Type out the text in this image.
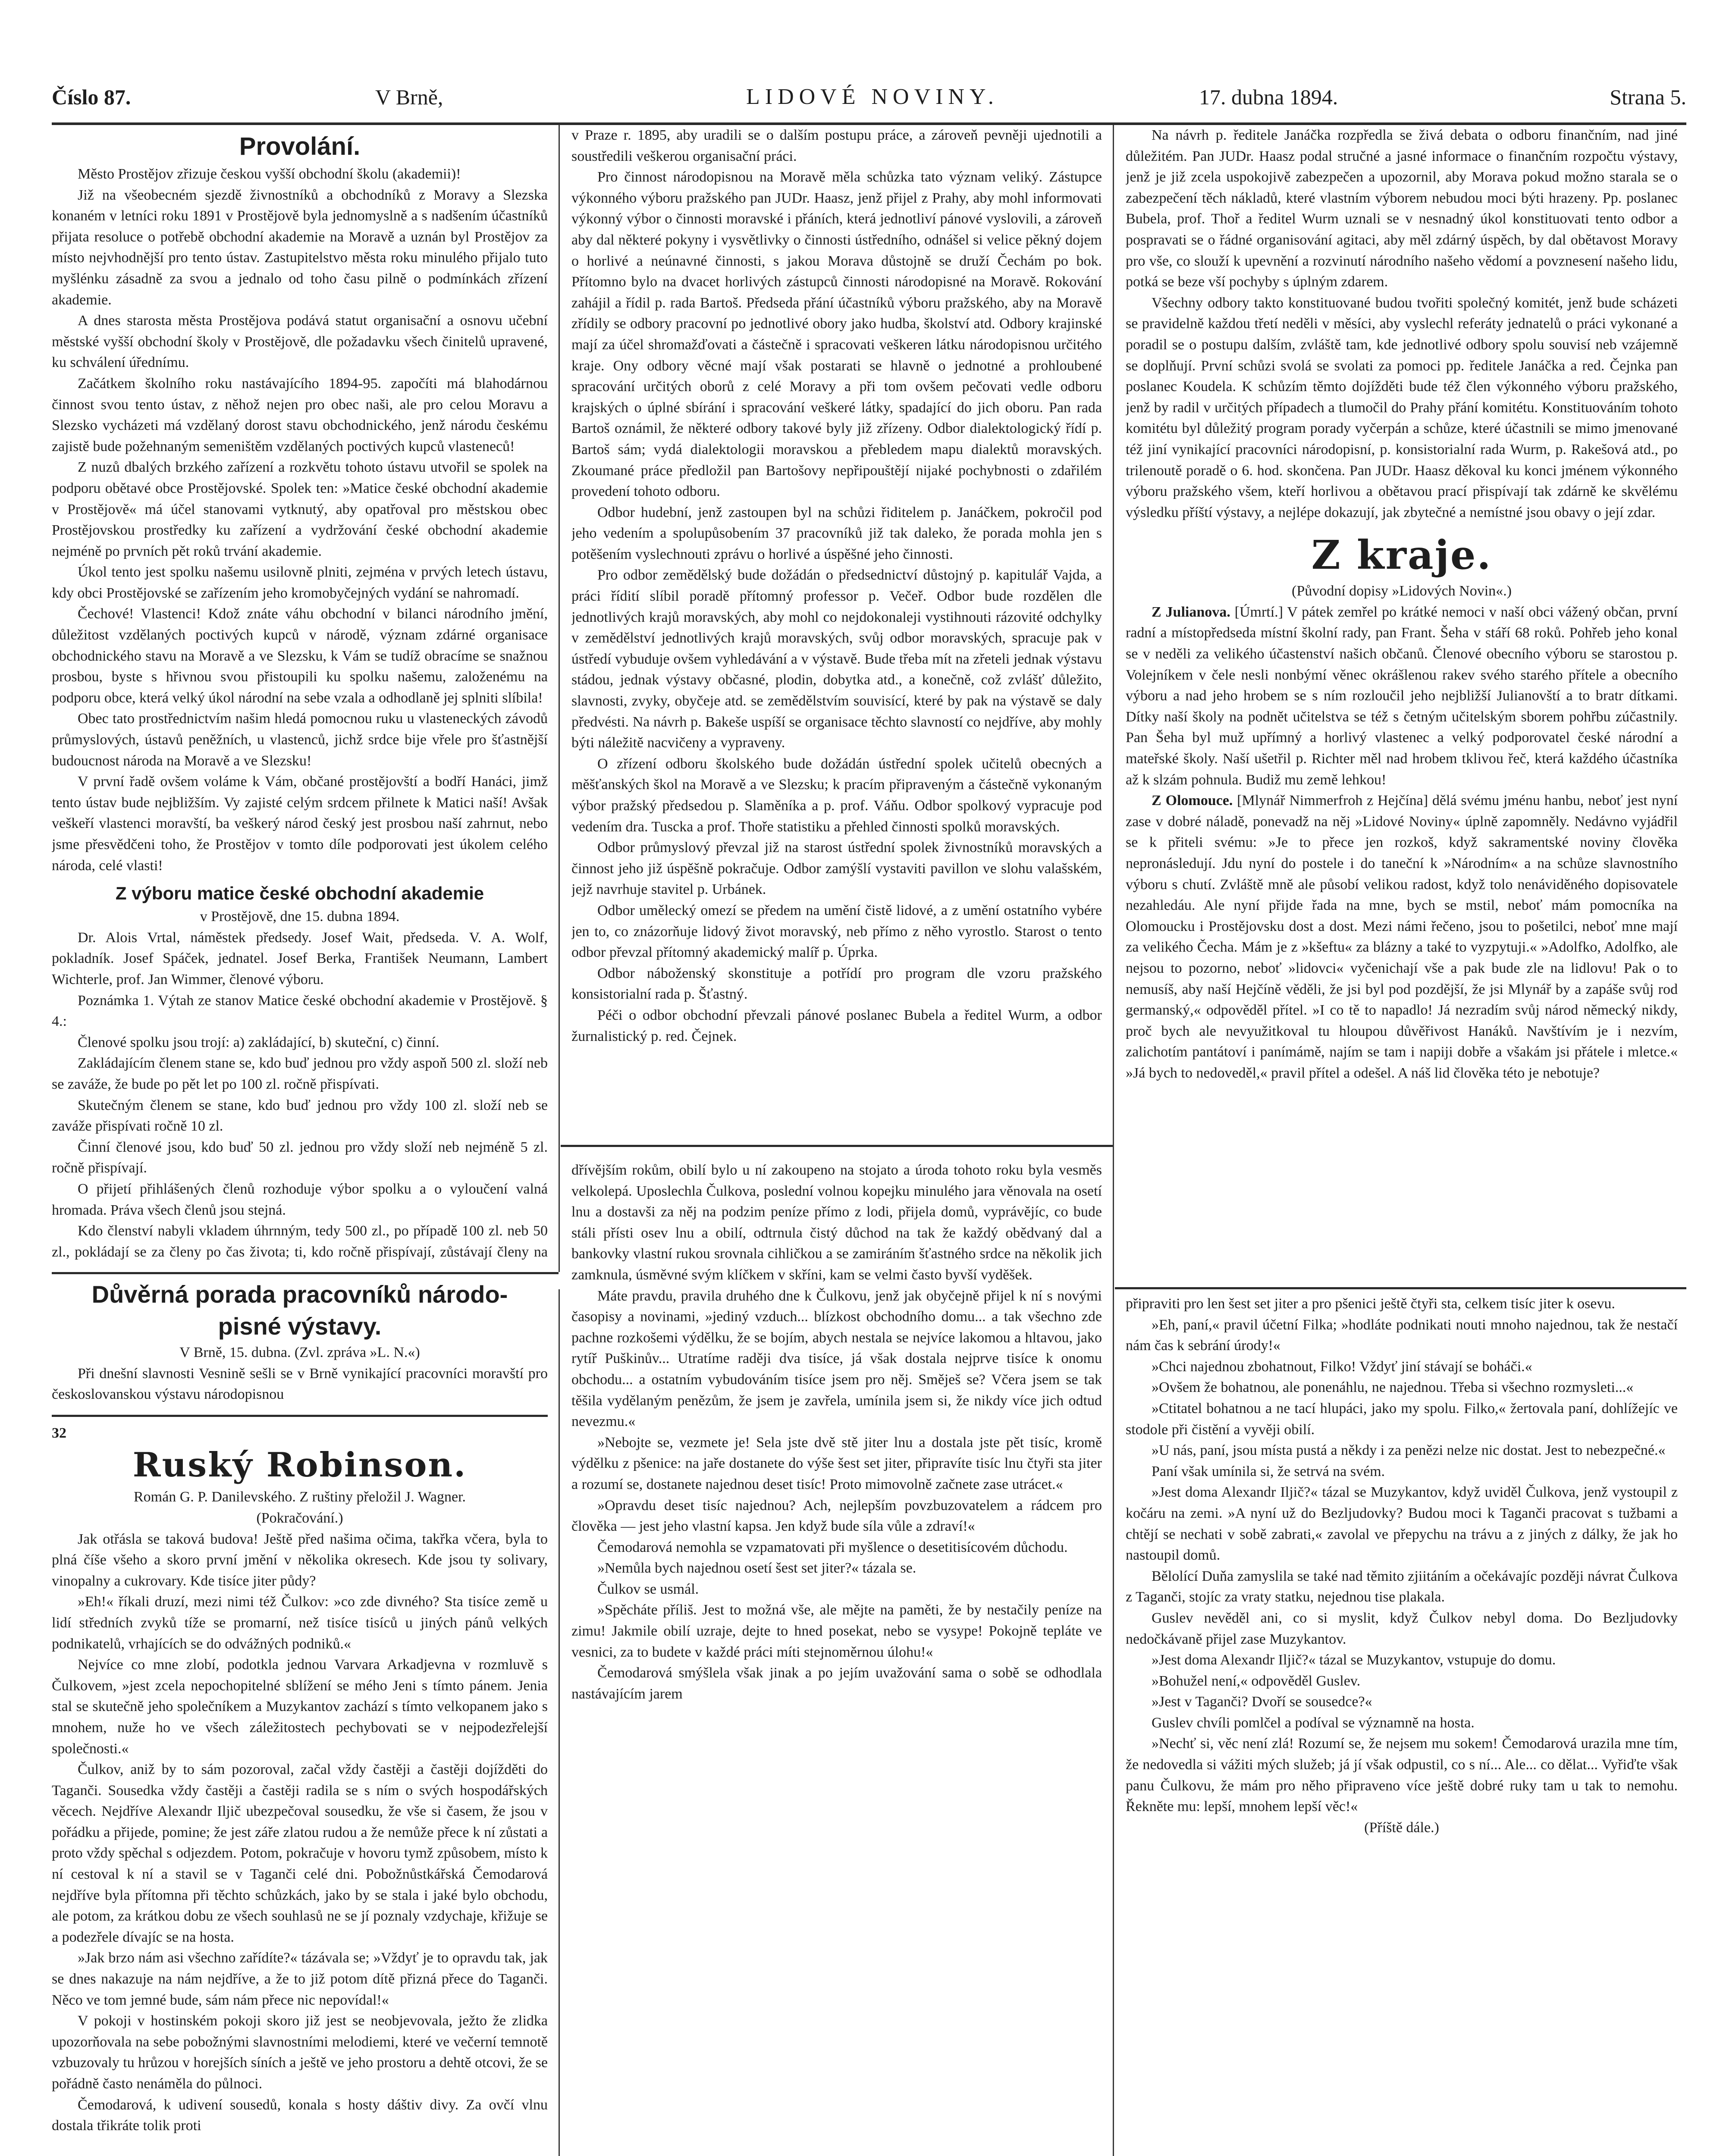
Číslo 87.	V Brně,	LIDOVÉ NOVINY.	17. dubna 1894.	Strana 5.

Provolání.

Město Prostějov zřizuje českou vyšší obchodní školu (akademii)!

Již na všeobecném sjezdě živnostníků a obchodníků z Moravy a Slezska konaném v letníci roku 1891 v Prostějově byla jednomyslně a s nadšením účastníků přijata resoluce o potřebě obchodní akademie na Moravě a uznán byl Prostějov za místo nejvhodnější pro tento ústav. Zastupitelstvo města roku minulého přijalo tuto myšlénku zásadně za svou a jednalo od toho času pilně o podmínkách zřízení akademie.

A dnes starosta města Prostějova podává statut organisační a osnovu učební městské vyšší obchodní školy v Prostějově, dle požadavku všech činitelů upravené, ku schválení úřednímu.

Začátkem školního roku nastávajícího 1894-95. započíti má blahodárnou činnost svou tento ústav, z něhož nejen pro obec naši, ale pro celou Moravu a Slezsko vycházeti má vzdělaný dorost stavu obchodnického, jenž národu českému zajistě bude požehnaným semeništěm vzdělaných poctivých kupců vlasteneců!

Z nuzů dbalých brzkého zařízení a rozkvětu tohoto ústavu utvořil se spolek na podporu obětavé obce Prostějovské. Spolek ten: »Matice české obchodní akademie v Prostějově« má účel stanovami vytknutý, aby opatřoval pro městskou obec Prostějovskou prostředky ku zařízení a vydržování české obchodní akademie nejméně po prvních pět roků trvání akademie.

Úkol tento jest spolku našemu usilovně plniti, zejména v prvých letech ústavu, kdy obci Prostějovské se zařízením jeho kromobyčejných vydání se nahromadí.

Čechové! Vlastenci! Kdož znáte váhu obchodní v bilanci národního jmění, důležitost vzdělaných poctivých kupců v národě, význam zdárné organisace obchodnického stavu na Moravě a ve Slezsku, k Vám se tudíž obracíme se snažnou prosbou, byste s hřivnou svou přistoupili ku spolku našemu, založenému na podporu obce, která velký úkol národní na sebe vzala a odhodlaně jej splniti slíbila!

Obec tato prostřednictvím našim hledá pomocnou ruku u vlasteneckých závodů průmyslových, ústavů peněžních, u vlastenců, jichž srdce bije vřele pro šťastnější budoucnost národa na Moravě a ve Slezsku!

V první řadě ovšem voláme k Vám, občané prostějovští a bodří Hanáci, jimž tento ústav bude nejbližším. Vy zajisté celým srdcem přilnete k Matici naší! Avšak veškeří vlastenci moravští, ba veškerý národ český jest prosbou naší zahrnut, nebo jsme přesvědčeni toho, že Prostějov v tomto díle podporovati jest úkolem celého národa, celé vlasti!

Z výboru matice české obchodní akademie

v Prostějově, dne 15. dubna 1894.

Dr. Alois Vrtal, náměstek předsedy. Josef Wait, předseda. V. A. Wolf, pokladník. Josef Spáček, jednatel. Josef Berka, František Neumann, Lambert Wichterle, prof. Jan Wimmer, členové výboru.

Poznámka 1. Výtah ze stanov Matice české obchodní akademie v Prostějově. § 4.:

Členové spolku jsou trojí: a) zakládající, b) skuteční, c) činní.

Zakládajícím členem stane se, kdo buď jednou pro vždy aspoň 500 zl. složí neb se zaváže, že bude po pět let po 100 zl. ročně přispívati.

Skutečným členem se stane, kdo buď jednou pro vždy 100 zl. složí neb se zaváže přispívati ročně 10 zl.

Činní členové jsou, kdo buď 50 zl. jednou pro vždy složí neb nejméně 5 zl. ročně přispívají.

O přijetí přihlášených členů rozhoduje výbor spolku a o vyloučení valná hromada. Práva všech členů jsou stejná.

Kdo členství nabyli vkladem úhrnným, tedy 500 zl., po případě 100 zl. neb 50 zl., pokládají se za členy po čas života; ti, kdo ročně přispívají, zůstávají členy na

v Praze r. 1895, aby uradili se o dalším postupu práce, a zároveň pevněji ujednotili a soustředili veškerou organisační práci.

Pro činnost národopisnou na Moravě měla schůzka tato význam veliký. Zástupce výkonného výboru pražského pan JUDr. Haasz, jenž přijel z Prahy, aby mohl informovati výkonný výbor o činnosti moravské i přáních, která jednotliví pánové vyslovili, a zároveň aby dal některé pokyny i vysvětlivky o činnosti ústředního, odnášel si velice pěkný dojem o horlivé a neúnavné činnosti, s jakou Morava důstojně se druží Čechám po bok. Přítomno bylo na dvacet horlivých zástupců činnosti národopisné na Moravě. Rokování zahájil a řídil p. rada Bartoš. Předseda přání účastníků výboru pražského, aby na Moravě zřídily se odbory pracovní po jednotlivé obory jako hudba, školství atd. Odbory krajinské mají za účel shromažďovati a částečně i spracovati veškeren látku národopisnou určitého kraje. Ony odbory věcné mají však postarati se hlavně o jednotné a prohloubené spracování určitých oborů z celé Moravy a při tom ovšem pečovati vedle odboru krajských o úplné sbírání i spracování veškeré látky, spadající do jich oboru. Pan rada Bartoš oznámil, že některé odbory takové byly již zřízeny. Odbor dialektologický řídí p. Bartoš sám; vydá dialektologii moravskou a přebledem mapu dialektů moravských. Zkoumané práce předložil pan Bartošovy nepřipouštějí nijaké pochybnosti o zdařilém provedení tohoto odboru.

Odbor hudební, jenž zastoupen byl na schůzi řiditelem p. Janáčkem, pokročil pod jeho vedením a spolupůsobením 37 pracovníků již tak daleko, že porada mohla jen s potěšením vyslechnouti zprávu o horlivé a úspěšné jeho činnosti.

Pro odbor zemědělský bude dožádán o předsednictví důstojný p. kapitulář Vajda, a práci řídití slíbil poradě přítomný professor p. Večeř. Odbor bude rozdělen dle jednotlivých krajů moravských, aby mohl co nejdokonaleji vystihnouti rázovité odchylky v zemědělství jednotlivých krajů moravských, svůj odbor moravských, spracuje pak v ústředí vybuduje ovšem vyhledávání a v výstavě. Bude třeba mít na zřeteli jednak výstavu stádou, jednak výstavy občasné, plodin, dobytka atd., a konečně, což zvlášť důležito, slavnosti, zvyky, obyčeje atd. se zemědělstvím souvisící, které by pak na výstavě se daly předvésti. Na návrh p. Bakeše uspíší se organisace těchto slavností co nejdříve, aby mohly býti náležitě nacvičeny a vypraveny.

O zřízení odboru školského bude dožádán ústřední spolek učitelů obecných a měšťanských škol na Moravě a ve Slezsku; k pracím připraveným a částečně vykonaným výbor pražský předsedou p. Slaměníka a p. prof. Váňu. Odbor spolkový vypracuje pod vedením dra. Tuscka a prof. Thoře statistiku a přehled činnosti spolků moravských.

Odbor průmyslový převzal již na starost ústřední spolek živnostníků moravských a činnost jeho již úspěšně pokračuje. Odbor zamýšlí vystaviti pavillon ve slohu valašském, jejž navrhuje stavitel p. Urbánek.

Odbor umělecký omezí se předem na umění čistě lidové, a z umění ostatního vybére jen to, co znázorňuje lidový život moravský, neb přímo z něho vyrostlo. Starost o tento odbor převzal přítomný akademický malíř p. Úprka.

Odbor náboženský skonstituje a potřídí pro program dle vzoru pražského konsistorialní rada p. Šťastný.

Péči o odbor obchodní převzali pánové poslanec Bubela a ředitel Wurm, a odbor žurnalistický p. red. Čejnek.

Na návrh p. ředitele Janáčka rozpředla se živá debata o odboru finančním, nad jiné důležitém. Pan JUDr. Haasz podal stručné a jasné informace o finančním rozpočtu výstavy, jenž je již zcela uspokojivě zabezpečen a upozornil, aby Morava pokud možno starala se o zabezpečení těch nákladů, které vlastním výborem nebudou moci býti hrazeny. Pp. poslanec Bubela, prof. Thoř a ředitel Wurm uznali se v nesnadný úkol konstituovati tento odbor a pospravati se o řádné organisování agitaci, aby měl zdárný úspěch, by dal obětavost Moravy pro vše, co slouží k upevnění a rozvinutí národního našeho vědomí a povznesení našeho lidu, potká se beze vší pochyby s úplným zdarem.

Všechny odbory takto konstituované budou tvořiti společný komitét, jenž bude scházeti se pravidelně každou třetí neděli v měsíci, aby vyslechl referáty jednatelů o práci vykonané a poradil se o postupu dalším, zvláště tam, kde jednotlivé odbory spolu souvisí neb vzájemně se doplňují. První schůzi svolá se svolati za pomoci pp. ředitele Janáčka a red. Čejnka pan poslanec Koudela. K schůzím těmto dojížděti bude též člen výkonného výboru pražského, jenž by radil v určitých případech a tlumočil do Prahy přání komitétu. Konstituováním tohoto komitétu byl důležitý program porady vyčerpán a schůze, které účastnili se mimo jmenované též jiní vynikající pracovníci národopisní, p. konsistorialní rada Wurm, p. Rakešová atd., po trilenoutě poradě o 6. hod. skončena. Pan JUDr. Haasz děkoval ku konci jménem výkonného výboru pražského všem, kteří horlivou a obětavou prací přispívají tak zdárně ke skvělému výsledku příští výstavy, a nejlépe dokazují, jak zbytečné a nemístné jsou obavy o její zdar.

Z kraje.

(Původní dopisy »Lidových Novin«.)

Z Julianova. [Úmrtí.] V pátek zemřel po krátké nemoci v naší obci vážený občan, první radní a místopředseda místní školní rady, pan Frant. Šeha v stáří 68 roků. Pohřeb jeho konal se v neděli za velikého účastenství našich občanů. Členové obecního výboru se starostou p. Volejníkem v čele nesli nonbýmí věnec okrášlenou rakev svého starého přítele a obecního výboru a nad jeho hrobem se s ním rozloučil jeho nejbližší Julianovští a to bratr dítkami. Dítky naší školy na podnět učitelstva se též s četným učitelským sborem pohřbu zúčastnily. Pan Šeha byl muž upřímný a horlivý vlastenec a velký podporovatel české národní a mateřské školy. Naší ušetřil p. Richter měl nad hrobem tklivou řeč, která každého účastníka až k slzám pohnula. Budiž mu země lehkou!

Z Olomouce. [Mlynář Nimmerfroh z Hejčína] dělá svému jménu hanbu, neboť jest nyní zase v dobré náladě, ponevadž na něj »Lidové Noviny« úplně zapomněly. Nedávno vyjádřil se k přiteli svému: »Je to přece jen rozkoš, když sakramentské noviny člověka nepronásledují. Jdu nyní do postele i do taneční k »Národním« a na schůze slavnostního výboru s chutí. Zvláště mně ale působí velikou radost, když tolo nenáviděného dopisovatele nezahledáu. Ale nyní přijde řada na mne, bych se mstil, neboť mám pomocníka na Olomoucku i Prostějovsku dost a dost. Mezi námi řečeno, jsou to pošetilci, neboť mne mají za velikého Čecha. Mám je z »kšeftu« za blázny a také to vyzpytuji.« »Adolfko, Adolfko, ale nejsou to pozorno, neboť »lidovci« vyčenichají vše a pak bude zle na lidlovu! Pak o to nemusíš, aby naší Hejčíně věděli, že jsi byl pod pozdější, že jsi Mlynář by a zapáše svůj rod germanský,« odpověděl přítel. »I co tě to napadlo! Já nezradím svůj národ německý nikdy, proč bych ale nevyužitkoval tu hloupou důvěřivost Hanáků. Navštívím je i nezvím, zalichotím pantátoví i panímámě, najím se tam i napiji dobře a všakám jsi přátele i mletce.« »Já bych to nedoveděl,« pravil přítel a odešel. A náš lid člověka této je nebotuje?

Důvěrná porada pracovníků národo-

pisné výstavy.

V Brně, 15. dubna. (Zvl. zpráva »L. N.«)

Při dnešní slavnosti Vesnině sešli se v Brně vynikající pracovníci moravští pro českoslovanskou výstavu národopisnou

32

Ruský Robinson.

Román G. P. Danilevského. Z ruštiny přeložil J. Wagner.

(Pokračování.)

Jak otřásla se taková budova! Ještě před našima očima, takřka včera, byla to plná číše všeho a skoro první jmění v několika okresech. Kde jsou ty solivary, vinopalny a cukrovary. Kde tisíce jiter půdy?

»Eh!« říkali druzí, mezi nimi též Čulkov: »co zde divného? Sta tisíce země u lidí středních zvyků tíže se promarní, než tisíce tisíců u jiných pánů velkých podnikatelů, vrhajících se do odvážných podniků.«

Nejvíce co mne zlobí, podotkla jednou Varvara Arkadjevna v rozmluvě s Čulkovem, »jest zcela nepochopitelné sblížení se mého Jeni s tímto pánem. Jenia stal se skutečně jeho společníkem a Muzykantov zachází s tímto velkopanem jako s mnohem, nuže ho ve všech záležitostech pechybovati se v nejpodezřelejší společnosti.«

Čulkov, aniž by to sám pozoroval, začal vždy častěji a častěji dojížděti do Taganči. Sousedka vždy častěji a častěji radila se s ním o svých hospodářských věcech. Nejdříve Alexandr Iljič ubezpečoval sousedku, že vše si časem, že jsou v pořádku a přijede, pomine; že jest záře zlatou rudou a že nemůže přece k ní zůstati a proto vždy spěchal s odjezdem. Potom, pokračuje v hovoru tymž způsobem, místo k ní cestoval k ní a stavil se v Taganči celé dni. Pobožnůstkářská Čemodarová nejdříve byla přítomna při těchto schůzkách, jako by se stala i jaké bylo obchodu, ale potom, za krátkou dobu ze všech souhlasů ne se jí poznaly vzdychaje, křižuje se a podezřele dívajíc se na hosta.

»Jak brzo nám asi všechno zařídíte?« tázávala se; »Vždyť je to opravdu tak, jak se dnes nakazuje na nám nejdříve, a že to již potom dítě přizná přece do Taganči. Něco ve tom jemné bude, sám nám přece nic nepovídal!«

V pokoji v hostinském pokoji skoro již jest se neobjevovala, ježto že zlidka upozorňovala na sebe pobožnými slavnostními melodiemi, které ve večerní temnotě vzbuzovaly tu hrůzou v horejších síních a ještě ve jeho prostoru a dehtě otcovi, že se pořádně často nenáměla do půlnoci.

Čemodarová, k udivení sousedů, konala s hosty dáštiv divy. Za ovčí vlnu dostala třikráte tolik proti

dřívějším rokům, obilí bylo u ní zakoupeno na stojato a úroda tohoto roku byla vesměs velkolepá. Uposlechla Čulkova, poslední volnou kopejku minulého jara věnovala na osetí lnu a dostavši za něj na podzim peníze přímo z lodi, přijela domů, vyprávějíc, co bude stáli přísti osev lnu a obilí, odtrnula čistý důchod na tak že každý obědvaný dal a bankovky vlastní rukou srovnala cihličkou a se zamiráním šťastného srdce na několik jich zamknula, úsměvné svým klíčkem v skříni, kam se velmi často byvší vyděšek.

Máte pravdu, pravila druhého dne k Čulkovu, jenž jak obyčejně přijel k ní s novými časopisy a novinami, »jediný vzduch... blízkost obchodního domu... a tak všechno zde pachne rozkošemi výdělku, že se bojím, abych nestala se nejvíce lakomou a hltavou, jako rytíř Puškinův... Utratíme raději dva tisíce, já však dostala nejprve tisíce k onomu obchodu... a ostatním vybudováním tisíce jsem pro něj. Směješ se? Včera jsem se tak těšila vydělaným penězům, že jsem je zavřela, umínila jsem si, že nikdy více jich odtud nevezmu.«

»Nebojte se, vezmete je! Sela jste dvě stě jiter lnu a dostala jste pět tisíc, kromě výdělku z pšenice: na jaře dostanete do výše šest set jiter, připravíte tisíc lnu čtyři sta jiter a rozumí se, dostanete najednou deset tisíc! Proto mimovolně začnete zase utrácet.«

»Opravdu deset tisíc najednou? Ach, nejlepším povzbuzovatelem a rádcem pro člověka — jest jeho vlastní kapsa. Jen když bude síla vůle a zdraví!«

Čemodarová nemohla se vzpamatovati při myšlence o desetitisícovém důchodu.

»Nemůla bych najednou osetí šest set jiter?« tázala se.

Čulkov se usmál.

»Spěcháte příliš. Jest to možná vše, ale mějte na paměti, že by nestačily peníze na zimu! Jakmile obilí uzraje, dejte to hned posekat, nebo se vysype! Pokojně tepláte ve vesnici, za to budete v každé práci míti stejnoměrnou úlohu!«

Čemodarová smýšlela však jinak a po jejím uvažování sama o sobě se odhodlala nastávajícím jarem

připraviti pro len šest set jiter a pro pšenici ještě čtyři sta, celkem tisíc jiter k osevu.

»Eh, paní,« pravil účetní Filka; »hodláte podnikati nouti mnoho najednou, tak že nestačí nám čas k sebrání úrody!«

»Chci najednou zbohatnout, Filko! Vždyť jiní stávají se boháči.«

»Ovšem že bohatnou, ale ponenáhlu, ne najednou. Třeba si všechno rozmysleti...«

»Ctitatel bohatnou a ne tací hlupáci, jako my spolu. Filko,« žertovala paní, dohlížejíc ve stodole při čistění a vyvěji obilí.

»U nás, paní, jsou místa pustá a někdy i za penězi nelze nic dostat. Jest to nebezpečné.«

Paní však umínila si, že setrvá na svém.

»Jest doma Alexandr Iljič?« tázal se Muzykantov, když uviděl Čulkova, jenž vystoupil z kočáru na zemi. »A nyní už do Bezljudovky? Budou moci k Taganči pracovat s tužbami a chtějí se nechati v sobě zabrati,« zavolal ve přepychu na trávu a z jiných z dálky, že jak ho nastoupil domů.

Bělolící Duňa zamyslila se také nad těmito zjiitáním a očekávajíc později návrat Čulkova z Taganči, stojíc za vraty statku, nejednou tise plakala.

Guslev nevěděl ani, co si myslit, když Čulkov nebyl doma. Do Bezljudovky nedočkávaně přijel zase Muzykantov.

»Jest doma Alexandr Iljič?« tázal se Muzykantov, vstupuje do domu.

»Bohužel není,« odpověděl Guslev.

»Jest v Taganči? Dvoří se sousedce?«

Guslev chvíli pomlčel a podíval se významně na hosta.

»Nechť si, věc není zlá! Rozumí se, že nejsem mu sokem! Čemodarová urazila mne tím, že nedovedla si vážiti mých služeb; já jí však odpustil, co s ní... Ale... co dělat... Vyřiďte však panu Čulkovu, že mám pro něho připraveno více ještě dobré ruky tam u tak to nemohu. Řekněte mu: lepší, mnohem lepší věc!«

(Příště dále.)
